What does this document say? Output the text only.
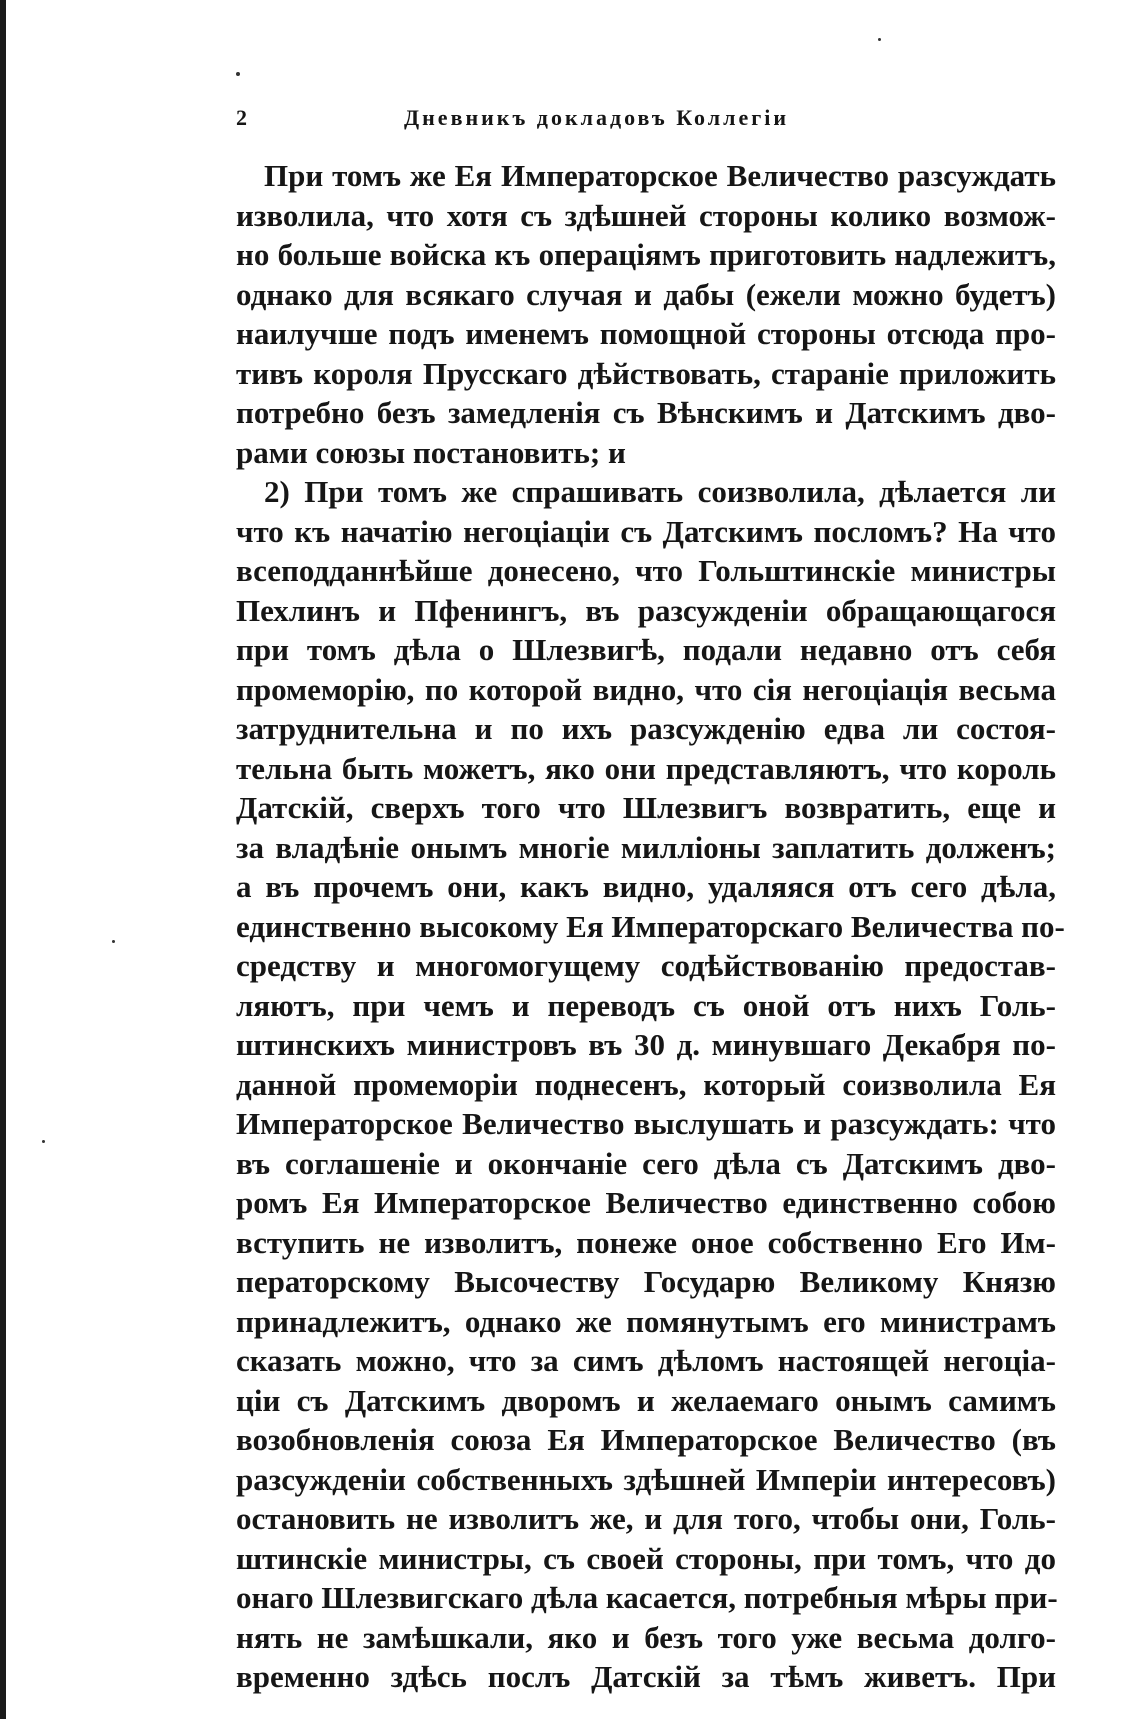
2	Дневникъ докладовъ Коллегіи
При томъ же Ея Императорское Величество разсуждать
изволила, что хотя съ здѣшней стороны колико возмож-
но больше войска къ операціямъ приготовить надлежитъ,
однако для всякаго случая и дабы (ежели можно будетъ)
наилучше подъ именемъ помощной стороны отсюда про-
тивъ короля Прусскаго дѣйствовать, стараніе приложить
потребно безъ замедленія съ Вѣнскимъ и Датскимъ дво-
рами союзы постановить; и
2) При томъ же спрашивать соизволила, дѣлается ли
что къ начатію негоціаціи съ Датскимъ посломъ? На что
всеподданнѣйше донесено, что Гольштинскіе министры
Пехлинъ и Пфенингъ, въ разсужденіи обращающагося
при томъ дѣла о Шлезвигѣ, подали недавно отъ себя
промеморію, по которой видно, что сія негоціація весьма
затруднительна и по ихъ разсужденію едва ли состоя-
тельна быть можетъ, яко они представляютъ, что король
Датскій, сверхъ того что Шлезвигъ возвратить, еще и
за владѣніе онымъ многіе милліоны заплатить долженъ;
а въ прочемъ они, какъ видно, удаляяся отъ сего дѣла,
единственно высокому Ея Императорскаго Величества по-
средству и многомогущему содѣйствованію предостав-
ляютъ, при чемъ и переводъ съ оной отъ нихъ Голь-
штинскихъ министровъ въ 30 д. минувшаго Декабря по-
данной промеморіи поднесенъ, который соизволила Ея
Императорское Величество выслушать и разсуждать: что
въ соглашеніе и окончаніе сего дѣла съ Датскимъ дво-
ромъ Ея Императорское Величество единственно собою
вступить не изволитъ, понеже оное собственно Его Им-
ператорскому Высочеству Государю Великому Князю
принадлежитъ, однако же помянутымъ его министрамъ
сказать можно, что за симъ дѣломъ настоящей негоціа-
ціи съ Датскимъ дворомъ и желаемаго онымъ самимъ
возобновленія союза Ея Императорское Величество (въ
разсужденіи собственныхъ здѣшней Имперіи интересовъ)
остановить не изволитъ же, и для того, чтобы они, Голь-
штинскіе министры, съ своей стороны, при томъ, что до
онаго Шлезвигскаго дѣла касается, потребныя мѣры при-
нять не замѣшкали, яко и безъ того уже весьма долго-
временно здѣсь послъ Датскій за тѣмъ живетъ. При
